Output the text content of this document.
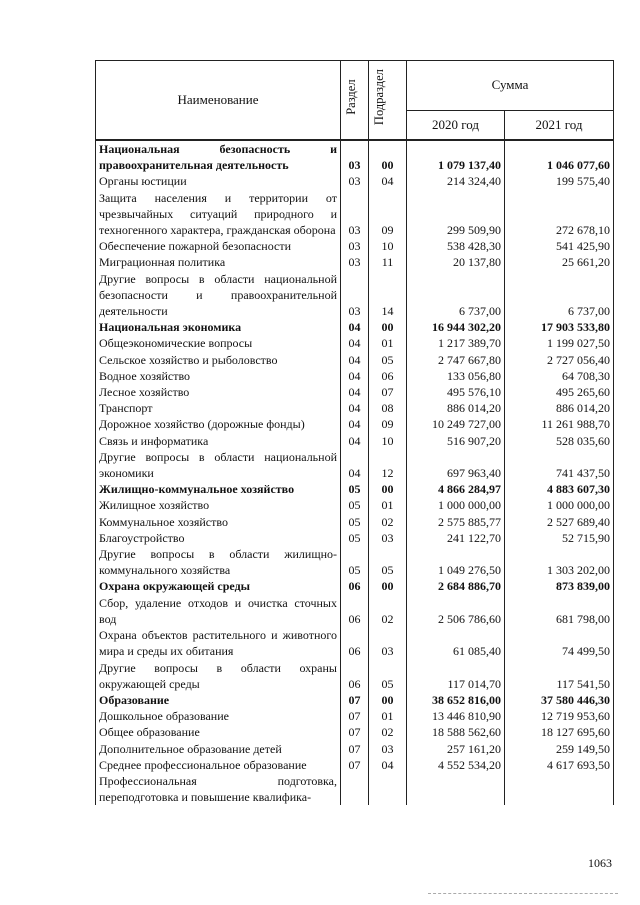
Наименование	Раздел	Подраздел	Сумма	
			2020 год	2021 год
Национальная безопасность и правоохранительная деятельность	03	00	1 079 137,40	1 046 077,60
Органы юстиции	03	04	214 324,40	199 575,40
Защита населения и территории от чрезвычайных ситуаций природного и техногенного характера, гражданская оборона	03	09	299 509,90	272 678,10
Обеспечение пожарной безопасности	03	10	538 428,30	541 425,90
Миграционная политика	03	11	20 137,80	25 661,20
Другие вопросы в области национальной безопасности и правоохранительной деятельности	03	14	6 737,00	6 737,00
Национальная экономика	04	00	16 944 302,20	17 903 533,80
Общеэкономические вопросы	04	01	1 217 389,70	1 199 027,50
Сельское хозяйство и рыболовство	04	05	2 747 667,80	2 727 056,40
Водное хозяйство	04	06	133 056,80	64 708,30
Лесное хозяйство	04	07	495 576,10	495 265,60
Транспорт	04	08	886 014,20	886 014,20
Дорожное хозяйство (дорожные фонды)	04	09	10 249 727,00	11 261 988,70
Связь и информатика	04	10	516 907,20	528 035,60
Другие вопросы в области национальной экономики	04	12	697 963,40	741 437,50
Жилищно-коммунальное хозяйство	05	00	4 866 284,97	4 883 607,30
Жилищное хозяйство	05	01	1 000 000,00	1 000 000,00
Коммунальное хозяйство	05	02	2 575 885,77	2 527 689,40
Благоустройство	05	03	241 122,70	52 715,90
Другие вопросы в области жилищно-коммунального хозяйства	05	05	1 049 276,50	1 303 202,00
Охрана окружающей среды	06	00	2 684 886,70	873 839,00
Сбор, удаление отходов и очистка сточных вод	06	02	2 506 786,60	681 798,00
Охрана объектов растительного и животного мира и среды их обитания	06	03	61 085,40	74 499,50
Другие вопросы в области охраны окружающей среды	06	05	117 014,70	117 541,50
Образование	07	00	38 652 816,00	37 580 446,30
Дошкольное образование	07	01	13 446 810,90	12 719 953,60
Общее образование	07	02	18 588 562,60	18 127 695,60
Дополнительное образование детей	07	03	257 161,20	259 149,50
Среднее профессиональное образование	07	04	4 552 534,20	4 617 693,50
Профессиональная подготовка, переподготовка и повышение квалифика-				
1063
